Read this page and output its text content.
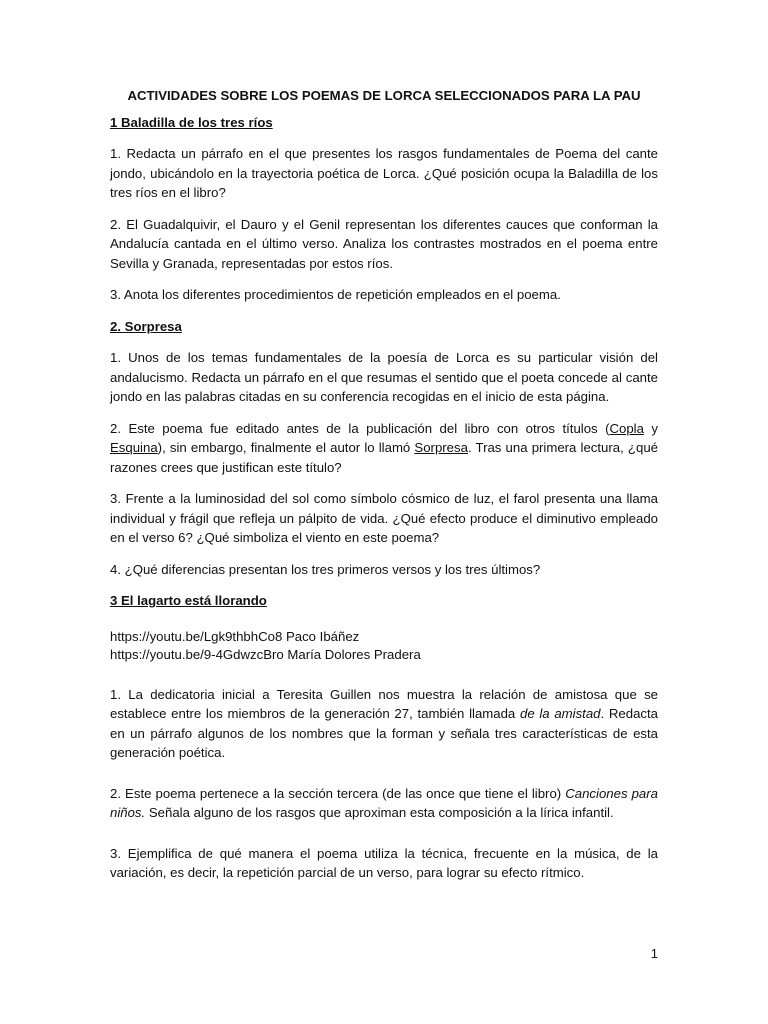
ACTIVIDADES SOBRE LOS POEMAS DE LORCA SELECCIONADOS PARA LA PAU
1 Baladilla de los tres ríos

1. Redacta un párrafo en el que presentes los rasgos fundamentales de Poema del cante jondo, ubicándolo en la trayectoria poética de Lorca. ¿Qué posición ocupa la Baladilla de los tres ríos en el libro?

2. El Guadalquivir, el Dauro y el Genil representan los diferentes cauces que conforman la Andalucía cantada en el último verso. Analiza los contrastes mostrados en el poema entre Sevilla y Granada, representadas por estos ríos.

3. Anota los diferentes procedimientos de repetición empleados en el poema.

2. Sorpresa

1. Unos de los temas fundamentales de la poesía de Lorca es su particular visión del andalucismo. Redacta un párrafo en el que resumas el sentido que el poeta concede al cante jondo en las palabras citadas en su conferencia recogidas en el inicio de esta página.

2. Este poema fue editado antes de la publicación del libro con otros títulos (Copla y Esquina), sin embargo, finalmente el autor lo llamó Sorpresa. Tras una primera lectura, ¿qué razones crees que justifican este título?

3. Frente a la luminosidad del sol como símbolo cósmico de luz, el farol presenta una llama individual y frágil que refleja un pálpito de vida. ¿Qué efecto produce el diminutivo empleado en el verso 6? ¿Qué simboliza el viento en este poema?

4. ¿Qué diferencias presentan los tres primeros versos y los tres últimos?

3 El lagarto está llorando
https://youtu.be/Lgk9thbhCo8 Paco Ibáñez
https://youtu.be/9-4GdwzcBro María Dolores Pradera

1. La dedicatoria inicial a Teresita Guillen nos muestra la relación de amistosa que se establece entre los miembros de la generación 27, también llamada de la amistad. Redacta en un párrafo algunos de los nombres que la forman y señala tres características de esta generación poética.

2. Este poema pertenece a la sección tercera (de las once que tiene el libro) Canciones para niños. Señala alguno de los rasgos que aproximan esta composición a la lírica infantil.

3. Ejemplifica de qué manera el poema utiliza la técnica, frecuente en la música, de la variación, es decir, la repetición parcial de un verso, para lograr su efecto rítmico.

1
